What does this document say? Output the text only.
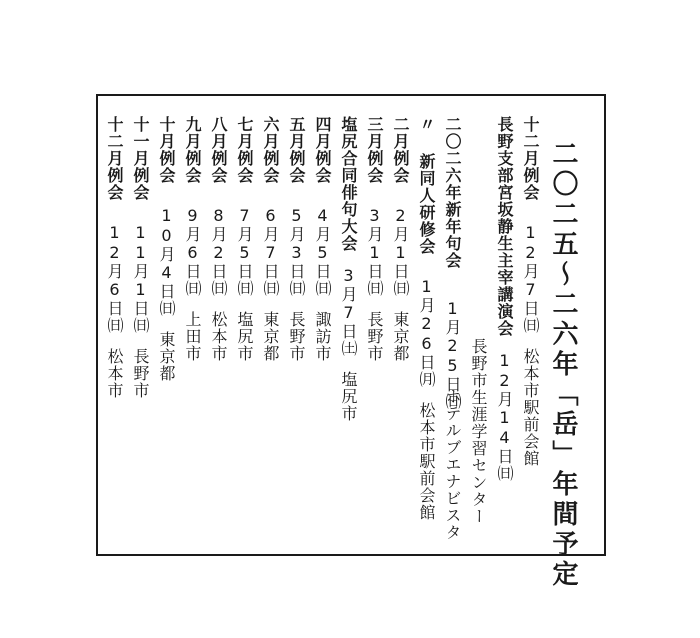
二〇二五〜二六年「岳」年間予定
十二月例会12月7日㈰松本市駅前会館
長野支部宮坂静生主宰講演会12月14日㈰
長野市生涯学習センター
二〇二六年新年句会1月25日㈰
ホテルブエナビスタ
〃 新同人研修会1月26日㈪松本市駅前会館
二月例会2月1日㈰東京都
三月例会3月1日㈰長野市
塩尻合同俳句大会3月7日㈯塩尻市
四月例会4月5日㈰諏訪市
五月例会5月3日㈰長野市
六月例会6月7日㈰東京都
七月例会7月5日㈰塩尻市
八月例会8月2日㈰松本市
九月例会9月6日㈰上田市
十月例会10月4日㈰東京都
十一月例会11月1日㈰長野市
十二月例会12月6日㈰松本市
